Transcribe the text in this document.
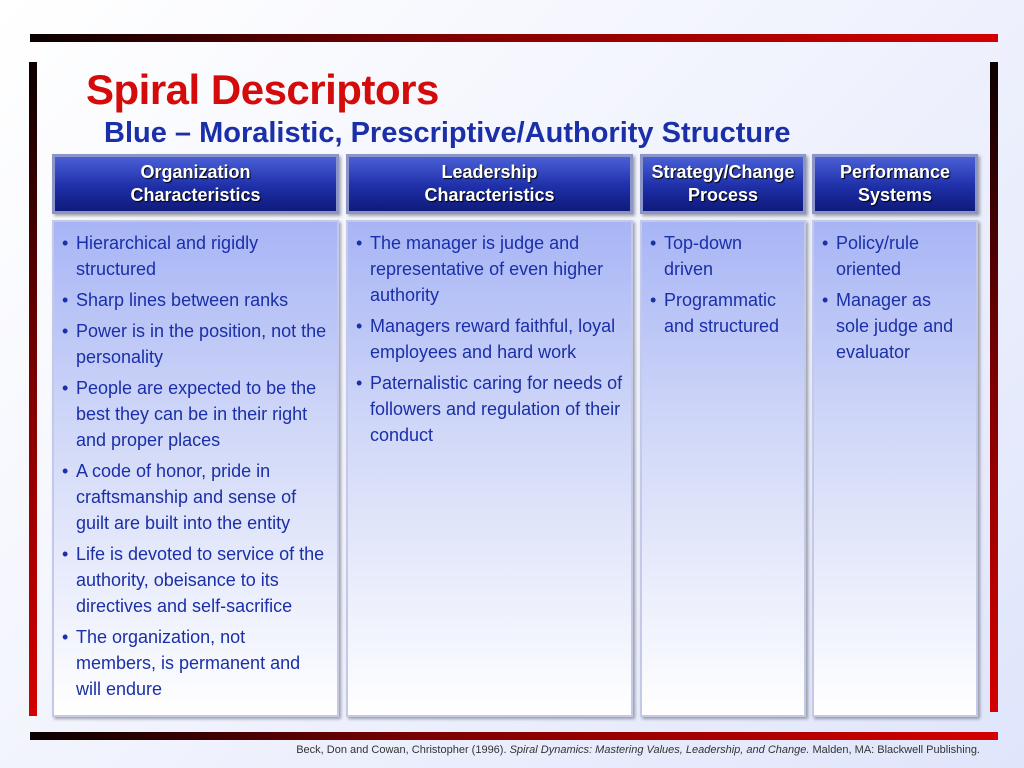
Spiral Descriptors
Blue – Moralistic, Prescriptive/Authority Structure
Organization
Characteristics
• Hierarchical and rigidly structured
• Sharp lines between ranks
• Power is in the position, not the personality
• People are expected to be the best they can be in their right and proper places
• A code of honor, pride in craftsmanship and sense of guilt are built into the entity
• Life is devoted to service of the authority, obeisance to its directives and self-sacrifice
• The organization, not members, is permanent and will endure
Leadership
Characteristics
• The manager is judge and representative of even higher authority
• Managers reward faithful, loyal employees and hard work
• Paternalistic caring for needs of followers and regulation of their conduct
Strategy/Change
Process
• Top-down driven
• Programmatic and structured
Performance
Systems
• Policy/rule oriented
• Manager as sole judge and evaluator

Beck, Don and Cowan, Christopher (1996). Spiral Dynamics: Mastering Values, Leadership, and Change. Malden, MA: Blackwell Publishing.
